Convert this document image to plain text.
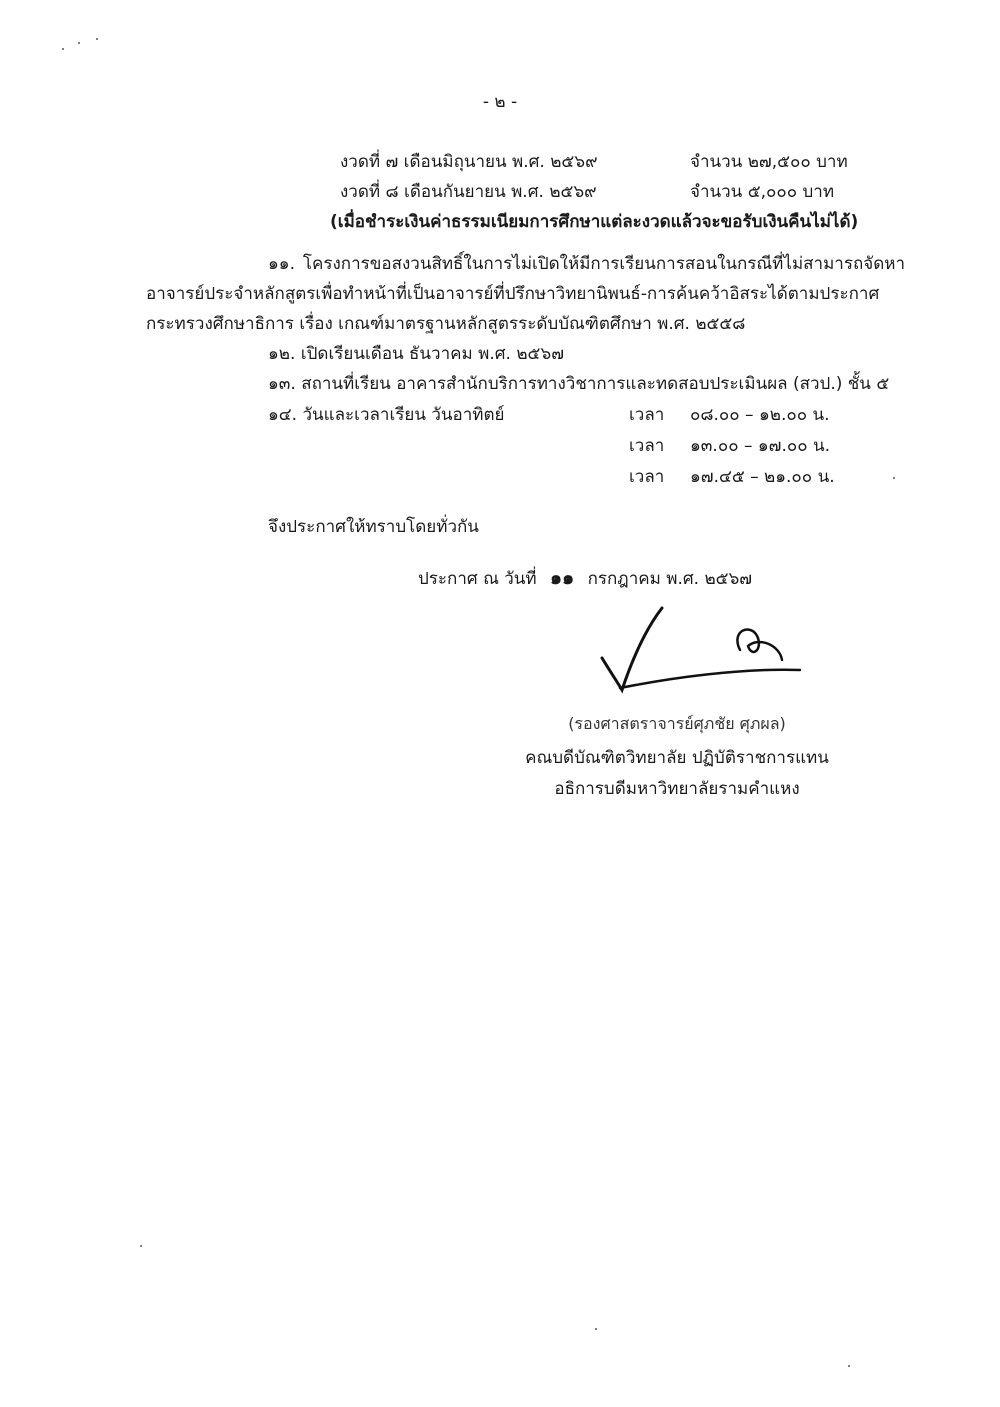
- ๒ -
งวดที่ ๗ เดือนมิถุนายน พ.ศ. ๒๕๖๙	จำนวน ๒๗,๕๐๐ บาท
งวดที่ ๘ เดือนกันยายน พ.ศ. ๒๕๖๙	จำนวน ๕,๐๐๐ บาท
(เมื่อชำระเงินค่าธรรมเนียมการศึกษาแต่ละงวดแล้วจะขอรับเงินคืนไม่ได้)
๑๑. โครงการขอสงวนสิทธิ์ในการไม่เปิดให้มีการเรียนการสอนในกรณีที่ไม่สามารถจัดหา
อาจารย์ประจำหลักสูตรเพื่อทำหน้าที่เป็นอาจารย์ที่ปรึกษาวิทยานิพนธ์-การค้นคว้าอิสระได้ตามประกาศ
กระทรวงศึกษาธิการ เรื่อง เกณฑ์มาตรฐานหลักสูตรระดับบัณฑิตศึกษา พ.ศ. ๒๕๕๘
๑๒. เปิดเรียนเดือน ธันวาคม พ.ศ. ๒๕๖๗
๑๓. สถานที่เรียน อาคารสำนักบริการทางวิชาการและทดสอบประเมินผล (สวป.) ชั้น ๕
๑๔. วันและเวลาเรียน วันอาทิตย์	เวลา ๐๘.๐๐ – ๑๒.๐๐ น.
เวลา ๑๓.๐๐ – ๑๗.๐๐ น.
เวลา ๑๗.๔๕ – ๒๑.๐๐ น.
จึงประกาศให้ทราบโดยทั่วกัน
ประกาศ ณ วันที่ ๑๑ กรกฎาคม พ.ศ. ๒๕๖๗
(รองศาสตราจารย์ศุภชัย ศุภผล)
คณบดีบัณฑิตวิทยาลัย ปฏิบัติราชการแทน
อธิการบดีมหาวิทยาลัยรามคำแหง
